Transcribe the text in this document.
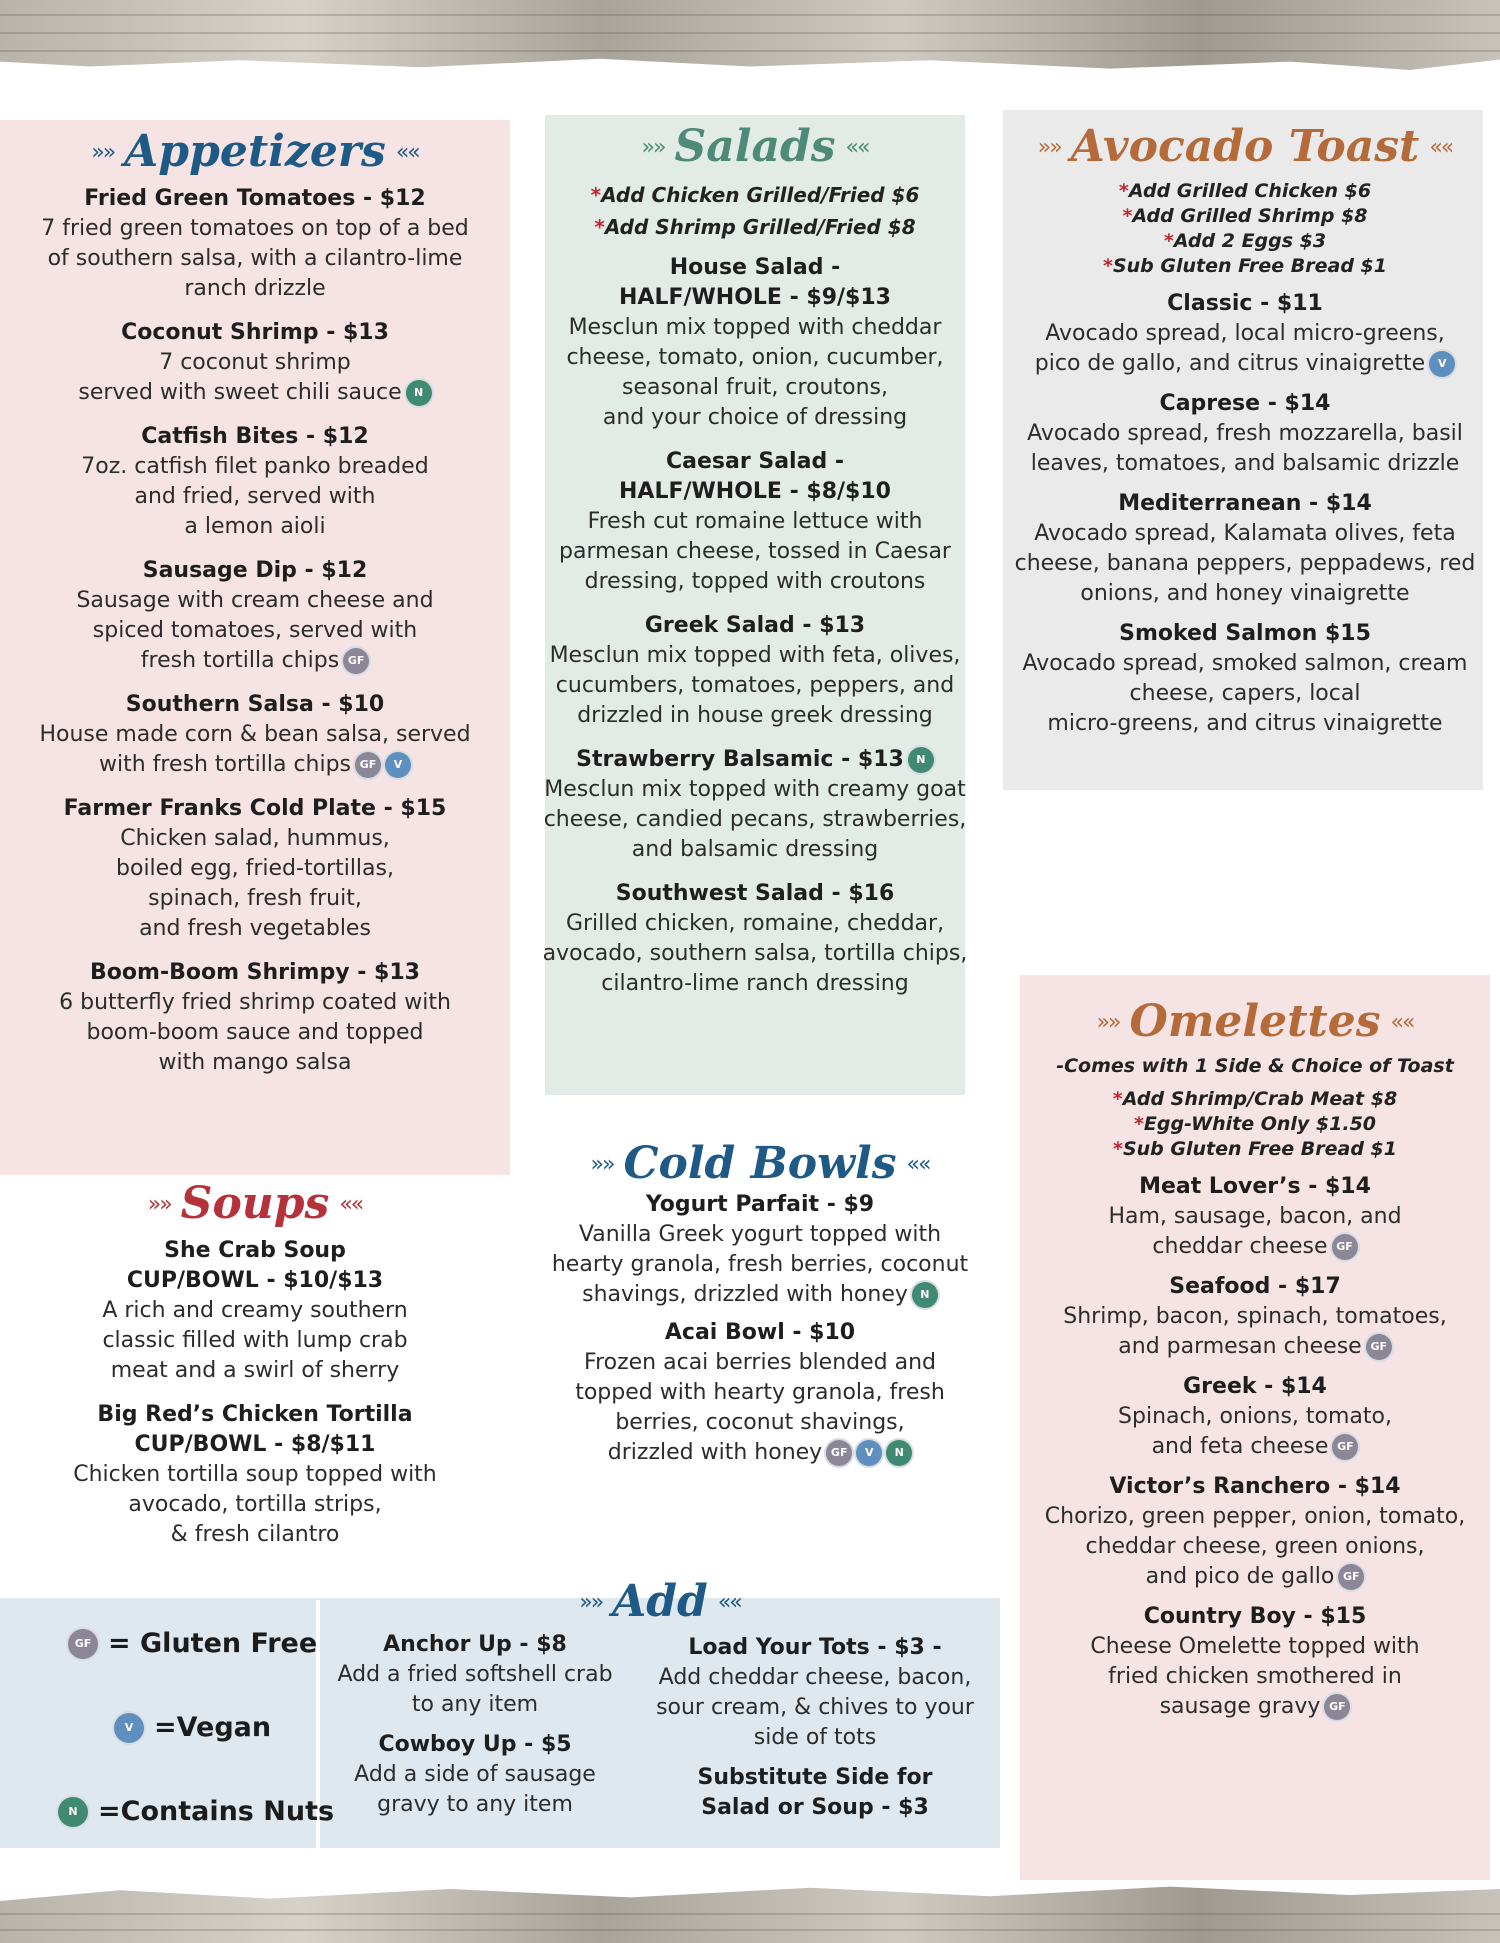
»» Appetizers ««
Fried Green Tomatoes - $12
7 fried green tomatoes on top of a bed
of southern salsa, with a cilantro-lime
ranch drizzle
Coconut Shrimp - $13
7 coconut shrimp
served with sweet chili sauce N
Catfish Bites - $12
7oz. catfish filet panko breaded
and fried, served with
a lemon aioli
Sausage Dip - $12
Sausage with cream cheese and
spiced tomatoes, served with
fresh tortilla chips GF
Southern Salsa - $10
House made corn & bean salsa, served
with fresh tortilla chips GF V
Farmer Franks Cold Plate - $15
Chicken salad, hummus,
boiled egg, fried-tortillas,
spinach, fresh fruit,
and fresh vegetables
Boom-Boom Shrimpy - $13
6 butterfly fried shrimp coated with
boom-boom sauce and topped
with mango salsa
»» Salads ««
*Add Chicken Grilled/Fried $6
*Add Shrimp Grilled/Fried $8
House Salad -
HALF/WHOLE - $9/$13
Mesclun mix topped with cheddar
cheese, tomato, onion, cucumber,
seasonal fruit, croutons,
and your choice of dressing
Caesar Salad -
HALF/WHOLE - $8/$10
Fresh cut romaine lettuce with
parmesan cheese, tossed in Caesar
dressing, topped with croutons
Greek Salad - $13
Mesclun mix topped with feta, olives,
cucumbers, tomatoes, peppers, and
drizzled in house greek dressing
Strawberry Balsamic - $13 N
Mesclun mix topped with creamy goat
cheese, candied pecans, strawberries,
and balsamic dressing
Southwest Salad - $16
Grilled chicken, romaine, cheddar,
avocado, southern salsa, tortilla chips,
cilantro-lime ranch dressing
»» Avocado Toast ««
*Add Grilled Chicken $6
*Add Grilled Shrimp $8
*Add 2 Eggs $3
*Sub Gluten Free Bread $1
Classic - $11
Avocado spread, local micro-greens,
pico de gallo, and citrus vinaigrette V
Caprese - $14
Avocado spread, fresh mozzarella, basil
leaves, tomatoes, and balsamic drizzle
Mediterranean - $14
Avocado spread, Kalamata olives, feta
cheese, banana peppers, peppadews, red
onions, and honey vinaigrette
Smoked Salmon $15
Avocado spread, smoked salmon, cream
cheese, capers, local
micro-greens, and citrus vinaigrette
»» Soups ««
She Crab Soup
CUP/BOWL - $10/$13
A rich and creamy southern
classic filled with lump crab
meat and a swirl of sherry
Big Red’s Chicken Tortilla
CUP/BOWL - $8/$11
Chicken tortilla soup topped with
avocado, tortilla strips,
& fresh cilantro
»» Cold Bowls ««
Yogurt Parfait - $9
Vanilla Greek yogurt topped with
hearty granola, fresh berries, coconut
shavings, drizzled with honey N
Acai Bowl - $10
Frozen acai berries blended and
topped with hearty granola, fresh
berries, coconut shavings,
drizzled with honey GF V N
»» Omelettes ««
-Comes with 1 Side & Choice of Toast
*Add Shrimp/Crab Meat $8
*Egg-White Only $1.50
*Sub Gluten Free Bread $1
Meat Lover’s - $14
Ham, sausage, bacon, and
cheddar cheese GF
Seafood - $17
Shrimp, bacon, spinach, tomatoes,
and parmesan cheese GF
Greek - $14
Spinach, onions, tomato,
and feta cheese GF
Victor’s Ranchero - $14
Chorizo, green pepper, onion, tomato,
cheddar cheese, green onions,
and pico de gallo GF
Country Boy - $15
Cheese Omelette topped with
fried chicken smothered in
sausage gravy GF
»» Add ««
Anchor Up - $8
Add a fried softshell crab
to any item
Cowboy Up - $5
Add a side of sausage
gravy to any item
Load Your Tots - $3 -
Add cheddar cheese, bacon,
sour cream, & chives to your
side of tots
Substitute Side for
Salad or Soup - $3
GF = Gluten Free
V =Vegan
N =Contains Nuts
